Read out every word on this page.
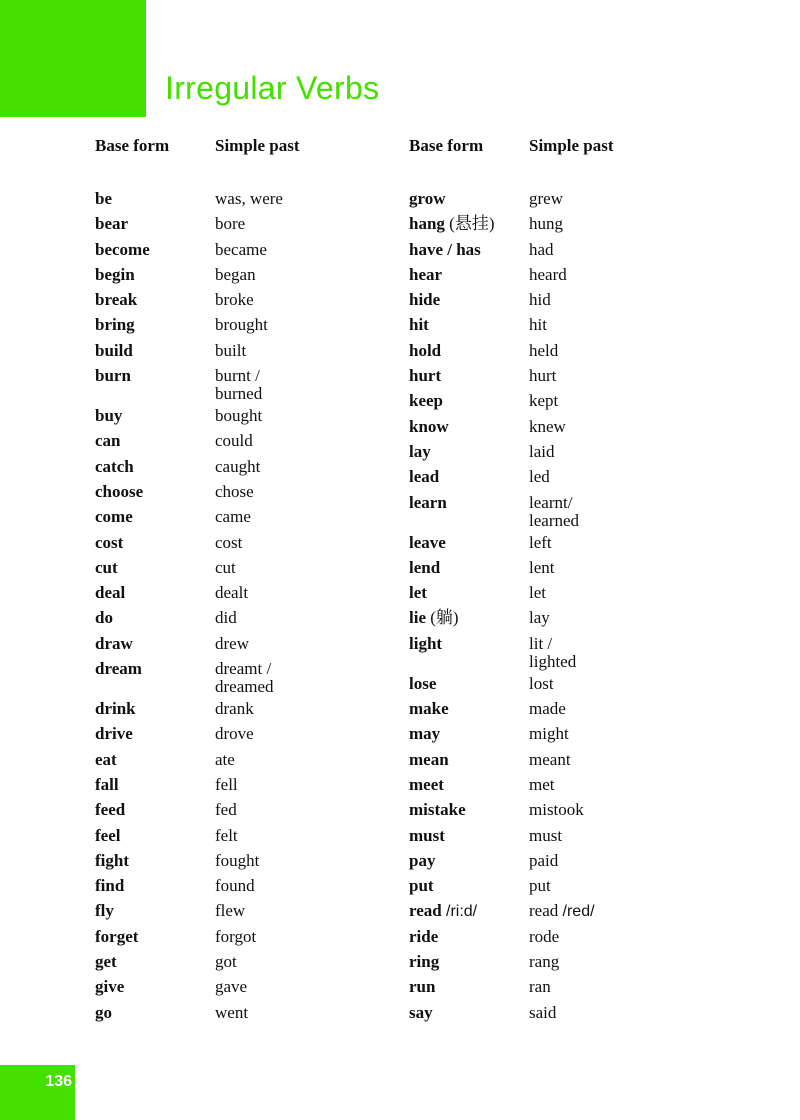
Irregular Verbs
Base form	Simple past
be	was, were
bear	bore
become	became
begin	began
break	broke
bring	brought
build	built
burn	burnt /
burned
buy	bought
can	could
catch	caught
choose	chose
come	came
cost	cost
cut	cut
deal	dealt
do	did
draw	drew
dream	dreamt /
dreamed
drink	drank
drive	drove
eat	ate
fall	fell
feed	fed
feel	felt
fight	fought
find	found
fly	flew
forget	forgot
get	got
give	gave
go	went
Base form	Simple past
grow	grew
hang (悬挂) hung
have / has	had
hear	heard
hide	hid
hit	hit
hold	held
hurt	hurt
keep	kept
know	knew
lay	laid
lead	led
learn	learnt/
learned
leave	left
lend	lent
let	let
lie (躺)	lay
light	lit /
lighted
lose	lost
make	made
may	might
mean	meant
meet	met
mistake	mistook
must	must
pay	paid
put	put
read /ri:d/	read /red/
ride	rode
ring	rang
run	ran
say	said
136
